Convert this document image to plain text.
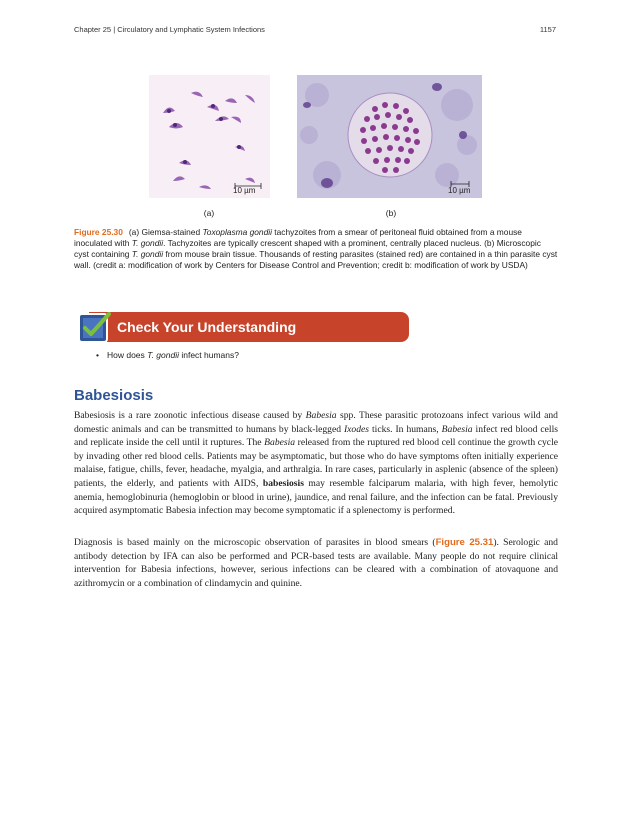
Chapter 25 | Circulatory and Lymphatic System Infections	1157
10 µm	10 µm
(a)	(b)
Figure 25.30 (a) Giemsa-stained Toxoplasma gondii tachyzoites from a smear of peritoneal fluid obtained from a mouse inoculated with T. gondii. Tachyzoites are typically crescent shaped with a prominent, centrally placed nucleus. (b) Microscopic cyst containing T. gondii from mouse brain tissue. Thousands of resting parasites (stained red) are contained in a thin parasite cyst wall. (credit a: modification of work by Centers for Disease Control and Prevention; credit b: modification of work by USDA)
Check Your Understanding
• How does T. gondii infect humans?
Babesiosis

Babesiosis is a rare zoonotic infectious disease caused by Babesia spp. These parasitic protozoans infect various wild and domestic animals and can be transmitted to humans by black-legged Ixodes ticks. In humans, Babesia infect red blood cells and replicate inside the cell until it ruptures. The Babesia released from the ruptured red blood cell continue the growth cycle by invading other red blood cells. Patients may be asymptomatic, but those who do have symptoms often initially experience malaise, fatigue, chills, fever, headache, myalgia, and arthralgia. In rare cases, particularly in asplenic (absence of the spleen) patients, the elderly, and patients with AIDS, babesiosis may resemble falciparum malaria, with high fever, hemolytic anemia, hemoglobinuria (hemoglobin or blood in urine), jaundice, and renal failure, and the infection can be fatal. Previously acquired asymptomatic Babesia infection may become symptomatic if a splenectomy is performed.

Diagnosis is based mainly on the microscopic observation of parasites in blood smears (Figure 25.31). Serologic and antibody detection by IFA can also be performed and PCR-based tests are available. Many people do not require clinical intervention for Babesia infections, however, serious infections can be cleared with a combination of atovaquone and azithromycin or a combination of clindamycin and quinine.
